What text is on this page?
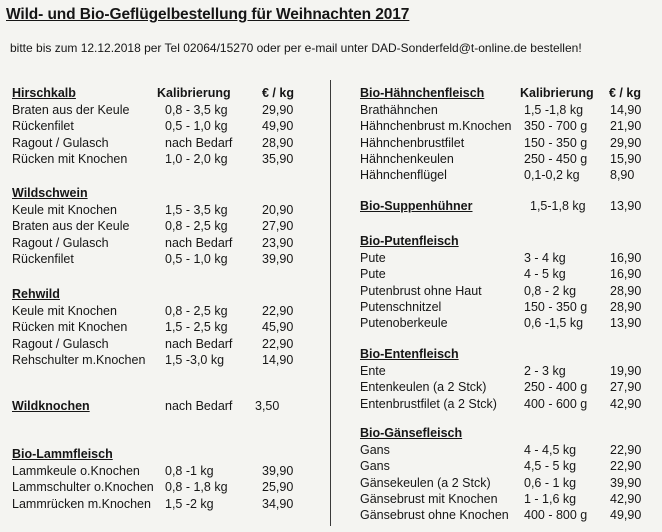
Wild- und Bio-Geflügelbestellung für Weihnachten 2017
bitte bis zum 12.12.2018 per Tel 02064/15270 oder per e-mail unter DAD-Sonderfeld@t-online.de bestellen!
Kalibrierung	€ / kg	Kalibrierung € / kg
Hirschkalb
Braten aus der Keule	0,8 - 3,5 kg	29,90
Rückenfilet	0,5 - 1,0 kg	49,90
Ragout / Gulasch	nach Bedarf 28,90
Rücken mit Knochen	1,0 - 2,0 kg	35,90
Wildschwein
Keule mit Knochen	1,5 - 3,5 kg	20,90
Braten aus der Keule	0,8 - 2,5 kg	27,90
Ragout / Gulasch	nach Bedarf 23,90
Rückenfilet	0,5 - 1,0 kg	39,90
Rehwild
Keule mit Knochen	0,8 - 2,5 kg	22,90
Rücken mit Knochen	1,5 - 2,5 kg	45,90
Ragout / Gulasch	nach Bedarf 22,90
Rehschulter m.Knochen 1,5 -3,0 kg	14,90
Wildknochen	nach Bedarf 3,50
Bio-Lammfleisch
Lammkeule o.Knochen 0,8 -1 kg	39,90
Lammschulter o.Knochen 0,8 - 1,8 kg	25,90
Lammrücken m.Knochen 1,5 -2 kg	34,90
Bio-Hähnchenfleisch
Brathähnchen	1,5 -1,8 kg 14,90
Hähnchenbrust m.Knochen 350 - 700 g 21,90
Hähnchenbrustfilet	150 - 350 g 29,90
Hähnchenkeulen	250 - 450 g 15,90
Hähnchenflügel	0,1-0,2 kg 8,90
Bio-Suppenhühner	1,5-1,8 kg 13,90
Bio-Putenfleisch
Pute	3 - 4 kg	16,90
Pute	4 - 5 kg	16,90
Putenbrust ohne Haut	0,8 - 2 kg	28,90
Putenschnitzel	150 - 350 g 28,90
Putenoberkeule	0,6 -1,5 kg 13,90
Bio-Entenfleisch
Ente	2 - 3 kg	19,90
Entenkeulen (a 2 Stck)	250 - 400 g 27,90
Entenbrustfilet (a 2 Stck) 400 - 600 g 42,90
Bio-Gänsefleisch
Gans	4 - 4,5 kg	22,90
Gans	4,5 - 5 kg	22,90
Gänsekeulen (a 2 Stck)	0,6 - 1 kg	39,90
Gänsebrust mit Knochen 1 - 1,6 kg	42,90
Gänsebrust ohne Knochen 400 - 800 g 49,90
